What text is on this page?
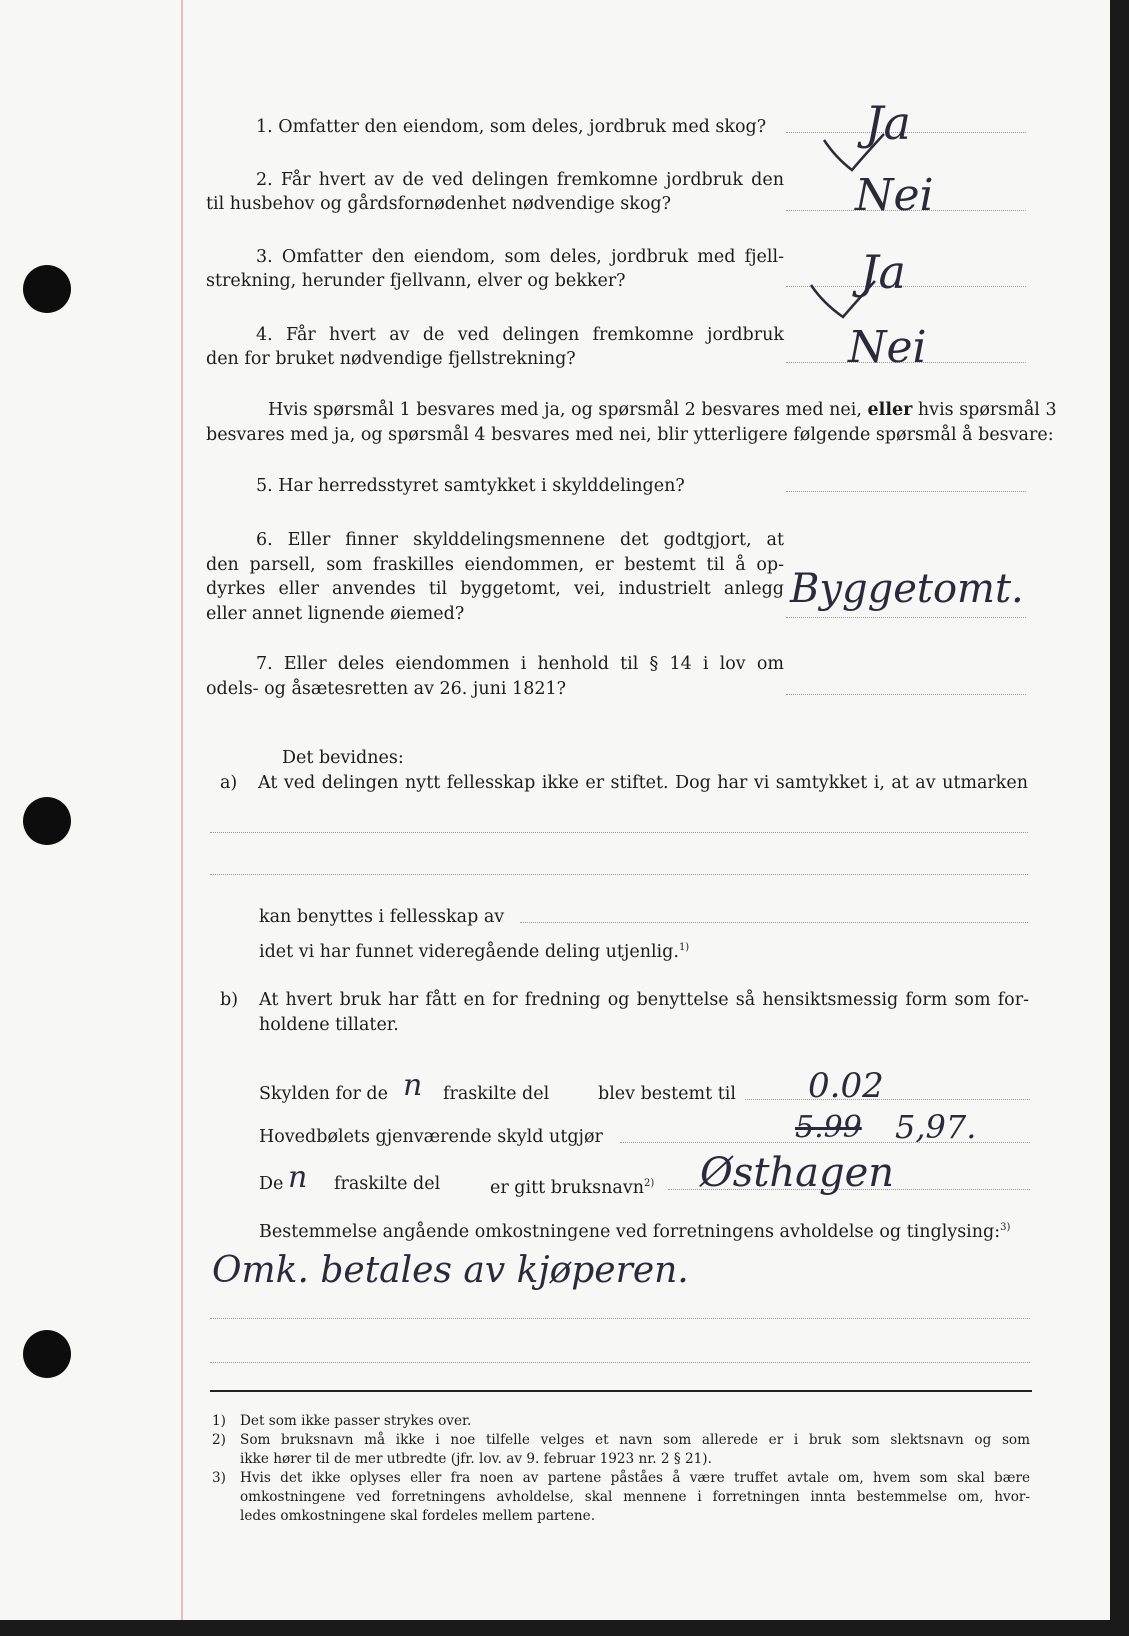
1. Omfatter den eiendom, som deles, jordbruk med skog? Ja
2. Får hvert av de ved delingen fremkomne jordbruk den
til husbehov og gårdsfornødenhet nødvendige skog?	Nei
3. Omfatter den eiendom, som deles, jordbruk med fjell-
strekning, herunder fjellvann, elver og bekker?	Ja
4. Får hvert av de ved delingen fremkomne jordbruk
den for bruket nødvendige fjellstrekning?	Nei
Hvis spørsmål 1 besvares med ja, og spørsmål 2 besvares med nei, eller hvis spørsmål 3
besvares med ja, og spørsmål 4 besvares med nei, blir ytterligere følgende spørsmål å besvare:
5. Har herredsstyret samtykket i skylddelingen?
6. Eller finner skylddelingsmennene det godtgjort, at
den parsell, som fraskilles eiendommen, er bestemt til å op-
dyrkes eller anvendes til byggetomt, vei, industrielt anlegg
eller annet lignende øiemed?
Byggetomt.
7. Eller deles eiendommen i henhold til § 14 i lov om
odels- og åsætesretten av 26. juni 1821?
Det bevidnes:
a) At ved delingen nytt fellesskap ikke er stiftet. Dog har vi samtykket i, at av utmarken
kan benyttes i fellesskap av
idet vi har funnet videregående deling utjenlig.$^{1)}$
b) At hvert bruk har fått en for fredning og benyttelse så hensiktsmessig form som for-
holdene tillater.
Skylden for de n fraskilte del	blev bestemt til 0.02
Hovedbølets gjenværende skyld utgjør	5.99 5,97.
De n fraskilte del	er gitt bruksnavn$^{2)}$ Østhagen
Bestemmelse angående omkostningene ved forretningens avholdelse og tinglysing:$^{3)}$
Omk. betales av kjøperen.
1) Det som ikke passer strykes over.
2) Som bruksnavn må ikke i noe tilfelle velges et navn som allerede er i bruk som slektsnavn og som
ikke hører til de mer utbredte (jfr. lov. av 9. februar 1923 nr. 2 § 21).
3) Hvis det ikke oplyses eller fra noen av partene påståes å være truffet avtale om, hvem som skal bære
omkostningene ved forretningens avholdelse, skal mennene i forretningen innta bestemmelse om, hvor-
ledes omkostningene skal fordeles mellem partene.
